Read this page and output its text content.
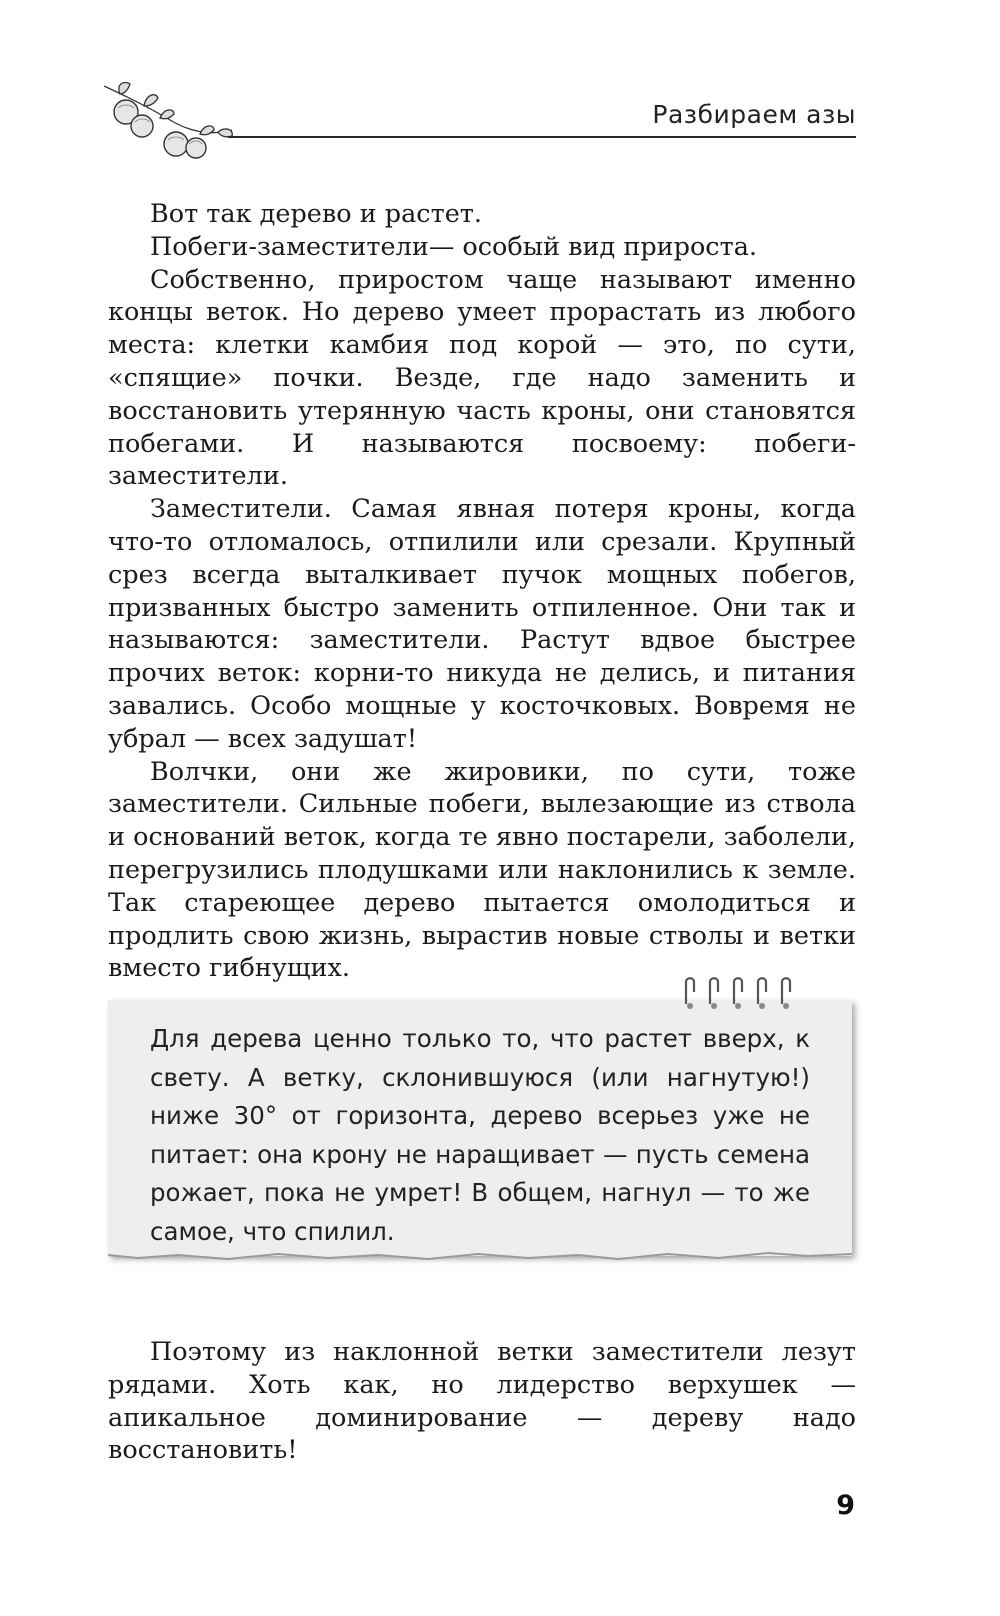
Разбираем азы

Вот так дерево и растет.

Побеги-заместители— особый вид прироста.

Собственно, приростом чаще называют именно концы веток. Но дерево умеет прорастать из любого места: клетки камбия под корой — это, по сути, «спящие» почки. Везде, где надо заменить и восстановить утерянную часть кроны, они становятся побегами. И называются посвоему: побеги-заместители.

Заместители. Самая явная потеря кроны, когда что-то отломалось, отпилили или срезали. Крупный срез всегда выталкивает пучок мощных побегов, призванных быстро заменить отпиленное. Они так и называются: заместители. Растут вдвое быстрее прочих веток: корни-то никуда не делись, и питания завались. Особо мощные у косточковых. Вовремя не убрал — всех задушат!

Волчки, они же жировики, по сути, тоже заместители. Сильные побеги, вылезающие из ствола и оснований веток, когда те явно постарели, заболели, перегрузились плодушками или наклонились к земле. Так стареющее дерево пытается омолодиться и продлить свою жизнь, вырастив новые стволы и ветки вместо гибнущих.

Для дерева ценно только то, что растет вверх, к свету. А ветку, склонившуюся (или нагнутую!) ниже 30° от горизонта, дерево всерьез уже не питает: она крону не наращивает — пусть семена рожает, пока не умрет! В общем, нагнул — то же самое, что спилил.

Поэтому из наклонной ветки заместители лезут рядами. Хоть как, но лидерство верхушек — апикальное доминирование — дереву надо восстановить!

9
